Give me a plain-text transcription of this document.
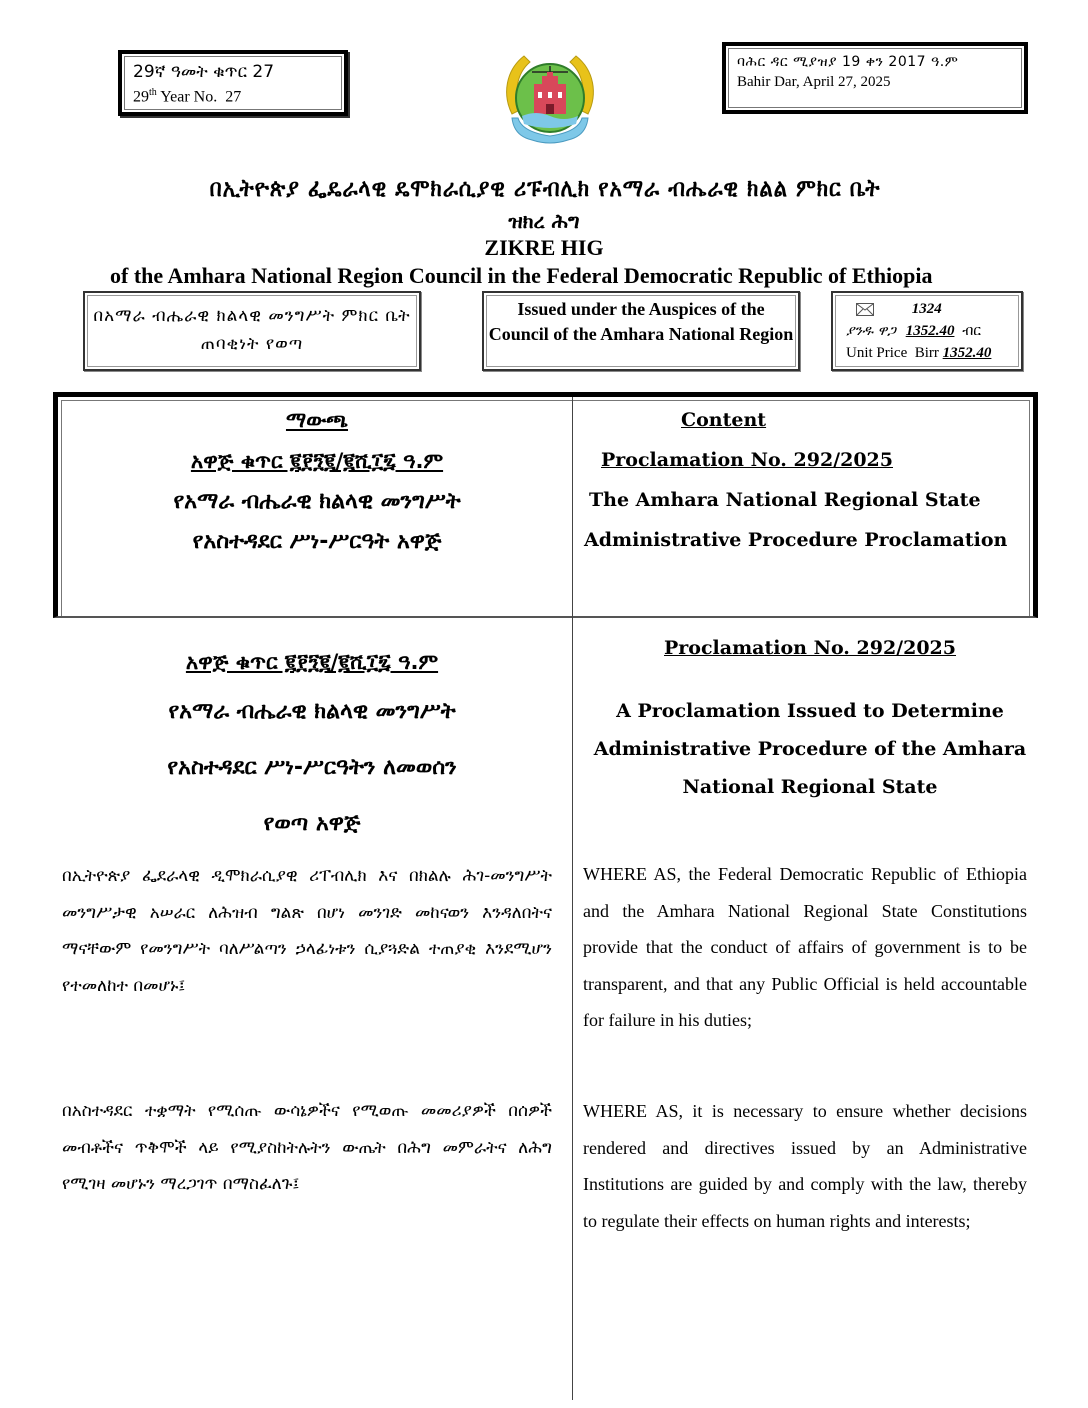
29ኛ ዓመት ቁጥር 27
29th Year No.  27
ባሕር ዳር ሚያዝያ 19 ቀን 2017 ዓ.ም
Bahir Dar, April 27, 2025
በኢትዮጵያ ፌዴራላዊ ዴሞክራሲያዊ ሪፑብሊክ የአማራ ብሔራዊ ክልል ምክር ቤት
ዝክረ ሕግ
ZIKRE HIG
of the Amhara National Region Council in the Federal Democratic Republic of Ethiopia
በአማራ ብሔራዊ ክልላዊ መንግሥት ምክር ቤት ጠባቂነት የወጣ
Issued under the Auspices of the Council of the Amhara National Region
1324
ያንዱ ዋጋ 1352.40 ብር
Unit Price  Birr 1352.40
ማውጫ
አዋጅ ቁጥር ፪፻፺፪/፪ሺ፲፯ ዓ.ም
የአማራ ብሔራዊ ክልላዊ መንግሥት
የአስተዳደር ሥነ-ሥርዓት አዋጅ
Content
Proclamation No. 292/2025
The Amhara National Regional State
Administrative Procedure Proclamation
አዋጅ ቁጥር ፪፻፺፪/፪ሺ፲፯ ዓ.ም
የአማራ ብሔራዊ ክልላዊ መንግሥት
የአስተዳደር ሥነ-ሥርዓትን ለመወሰን
የወጣ አዋጅ
Proclamation No. 292/2025
A Proclamation Issued to Determine
Administrative Procedure of the Amhara
National Regional State
በኢትዮጵያ ፌደራላዊ ዲሞክራሲያዊ ሪፐብሊክ እና በክልሉ ሕገ-መንግሥት መንግሥታዊ አሠራር ለሕዝብ ግልጽ በሆነ መንገድ መከናወን እንዳለበትና ማናቸውም የመንግሥት ባለሥልጣን ኃላፊነቱን ሲያጓድል ተጠያቂ እንደሚሆን የተመለከተ በመሆኑ፤
በአስተዳደር ተቋማት የሚሰጡ ውሳኔዎችና የሚወጡ መመሪያዎች በሰዎች መብቶችና ጥቅሞች ላይ የሚያስከትሉትን ውጤት በሕግ መምራትና ለሕግ የሚገዛ መሆኑን ማረጋገጥ በማስፈለጉ፤
WHERE AS, the Federal Democratic Republic of Ethiopia and the Amhara National Regional State Constitutions provide that the conduct of affairs of government is to be transparent, and that any Public Official is held accountable for failure in his duties;
WHERE AS, it is necessary to ensure whether decisions rendered and directives issued by an Administrative Institutions are guided by and comply with the law, thereby to regulate their effects on human rights and interests;
